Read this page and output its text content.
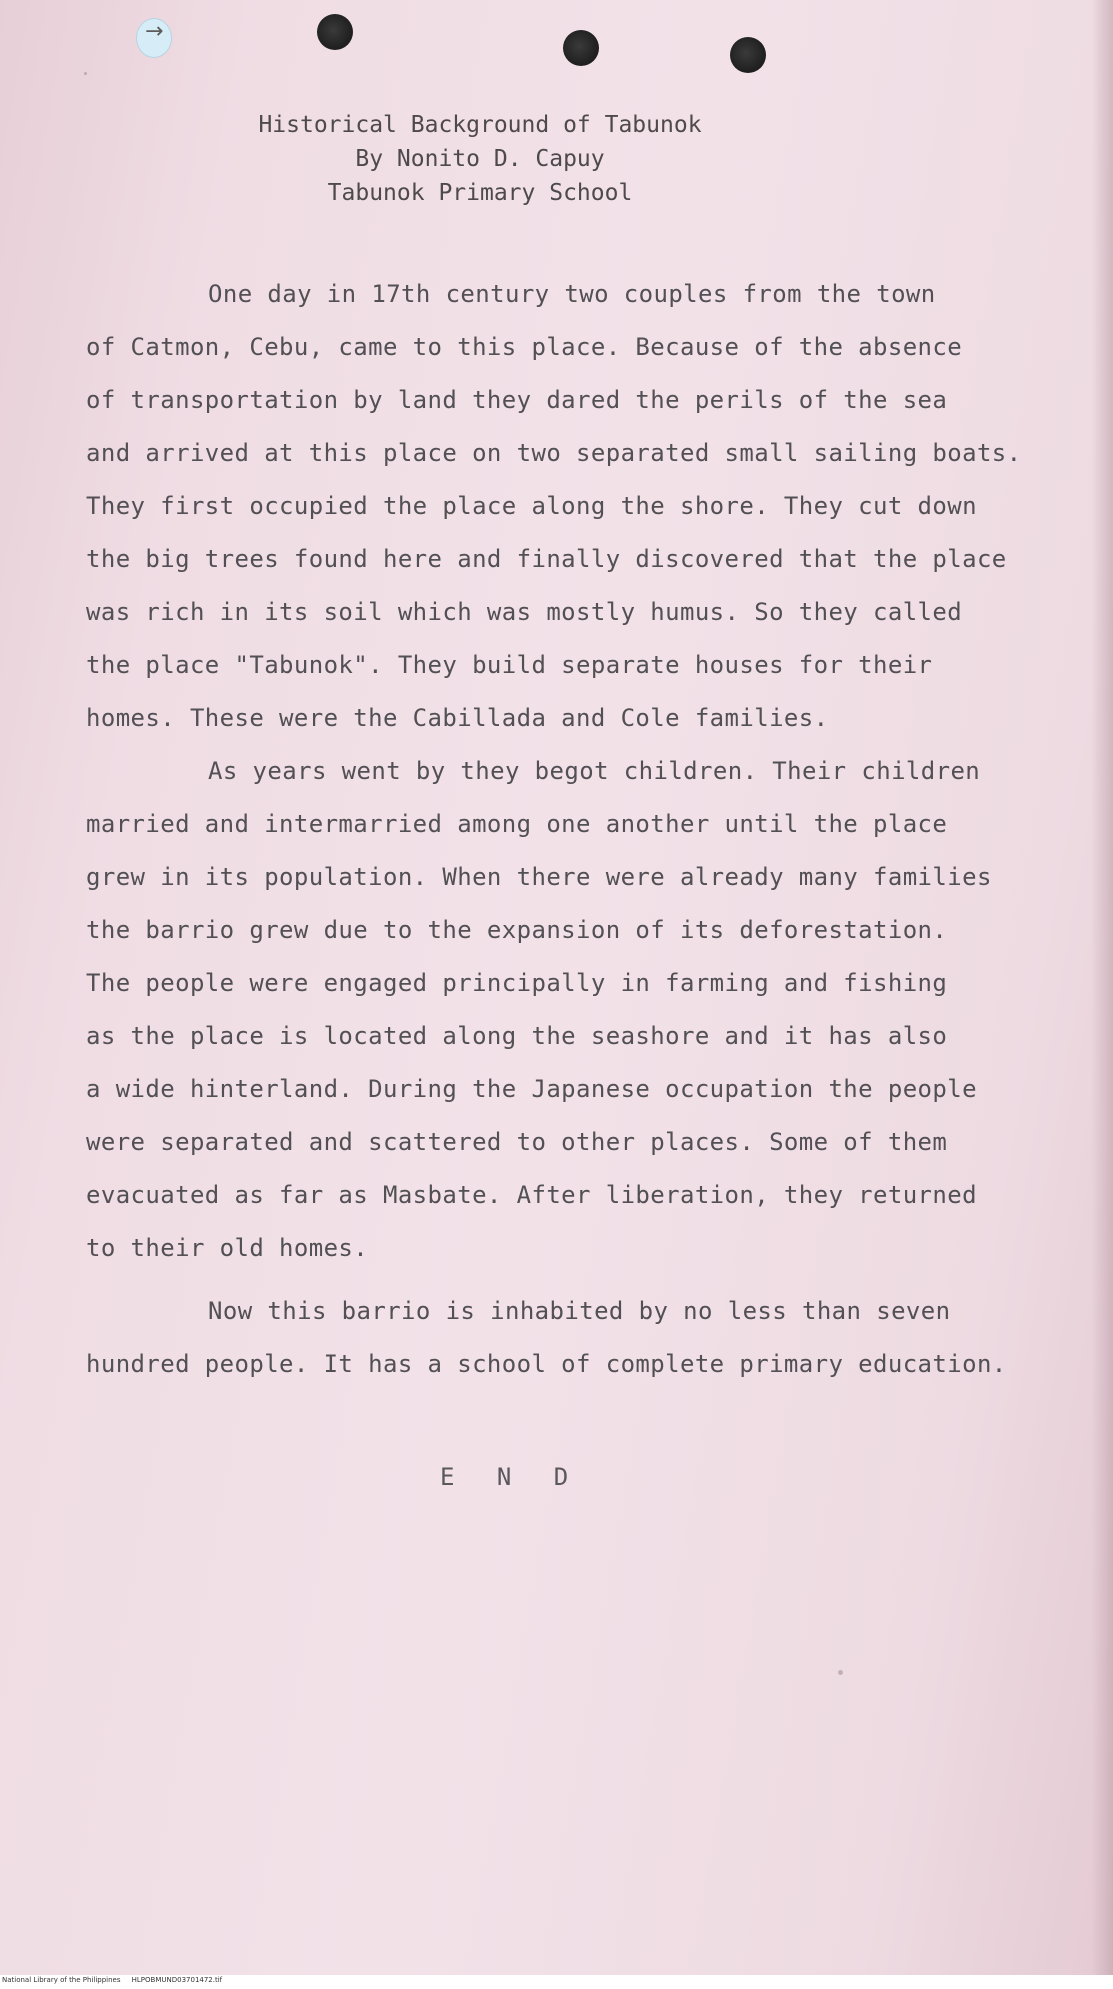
→
Historical Background of Tabunok
By Nonito D. Capuy
Tabunok Primary School
One day in 17th century two couples from the town
of Catmon, Cebu, came to this place. Because of the absence
of transportation by land they dared the perils of the sea
and arrived at this place on two separated small sailing boats.
They first occupied the place along the shore. They cut down
the big trees found here and finally discovered that the place
was rich in its soil which was mostly humus. So they called
the place "Tabunok". They build separate houses for their
homes. These were the Cabillada and Cole families.
As years went by they begot children. Their children
married and intermarried among one another until the place
grew in its population. When there were already many families
the barrio grew due to the expansion of its deforestation.
The people were engaged principally in farming and fishing
as the place is located along the seashore and it has also
a wide hinterland. During the Japanese occupation the people
were separated and scattered to other places. Some of them
evacuated as far as Masbate. After liberation, they returned
to their old homes.
Now this barrio is inhabited by no less than seven
hundred people. It has a school of complete primary education.
E N D
National Library of the Philippines HLPOBMUND03701472.tif
